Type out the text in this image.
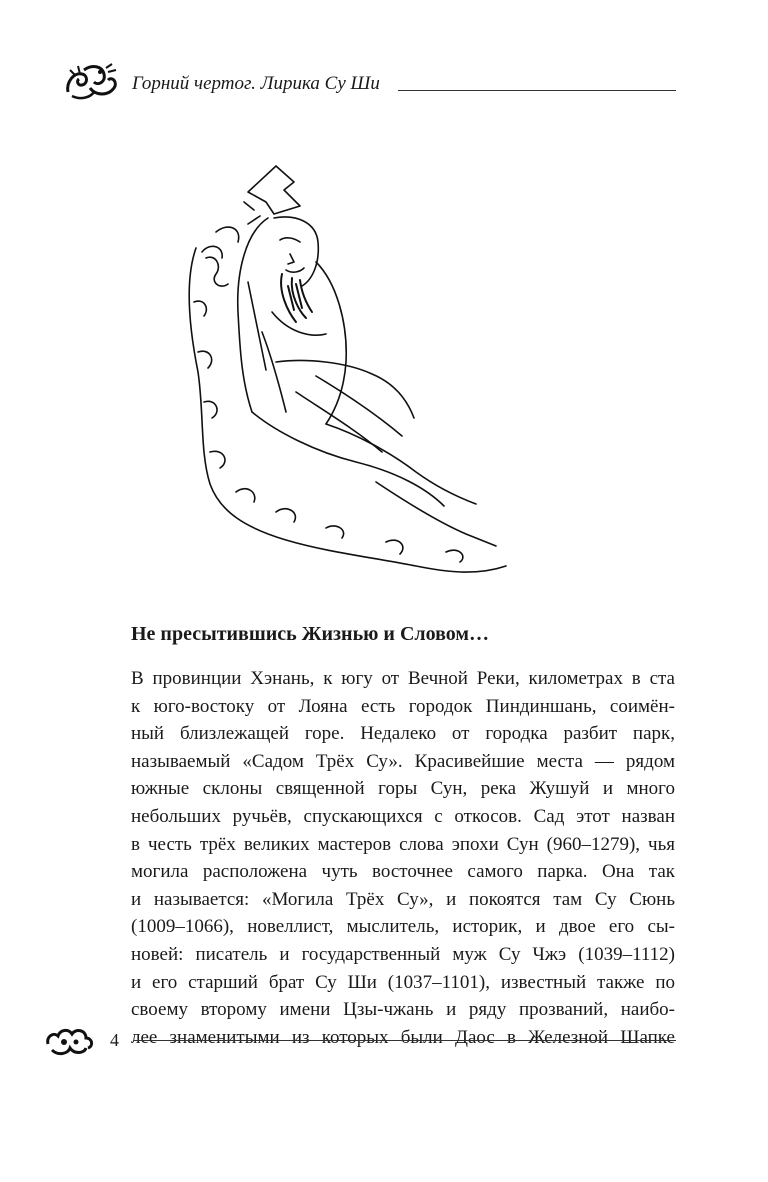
Горний чертог. Лирика Су Ши
Не пресытившись Жизнью и Словом…
В провинции Хэнань, к югу от Вечной Реки, километрах в ста
к юго-востоку от Лояна есть городок Пиндиншань, соимён-
ный близлежащей горе. Недалеко от городка разбит парк,
называемый «Садом Трёх Су». Красивейшие места — рядом
южные склоны священной горы Сун, река Жушуй и много
небольших ручьёв, спускающихся с откосов. Сад этот назван
в честь трёх великих мастеров слова эпохи Сун (960–1279), чья
могила расположена чуть восточнее самого парка. Она так
и называется: «Могила Трёх Су», и покоятся там Су Сюнь
(1009–1066), новеллист, мыслитель, историк, и двое его сы-
новей: писатель и государственный муж Су Чжэ (1039–1112)
и его старший брат Су Ши (1037–1101), известный также по
своему второму имени Цзы-чжань и ряду прозваний, наибо-
лее знаменитыми из которых были Даос в Железной Шапке
4
